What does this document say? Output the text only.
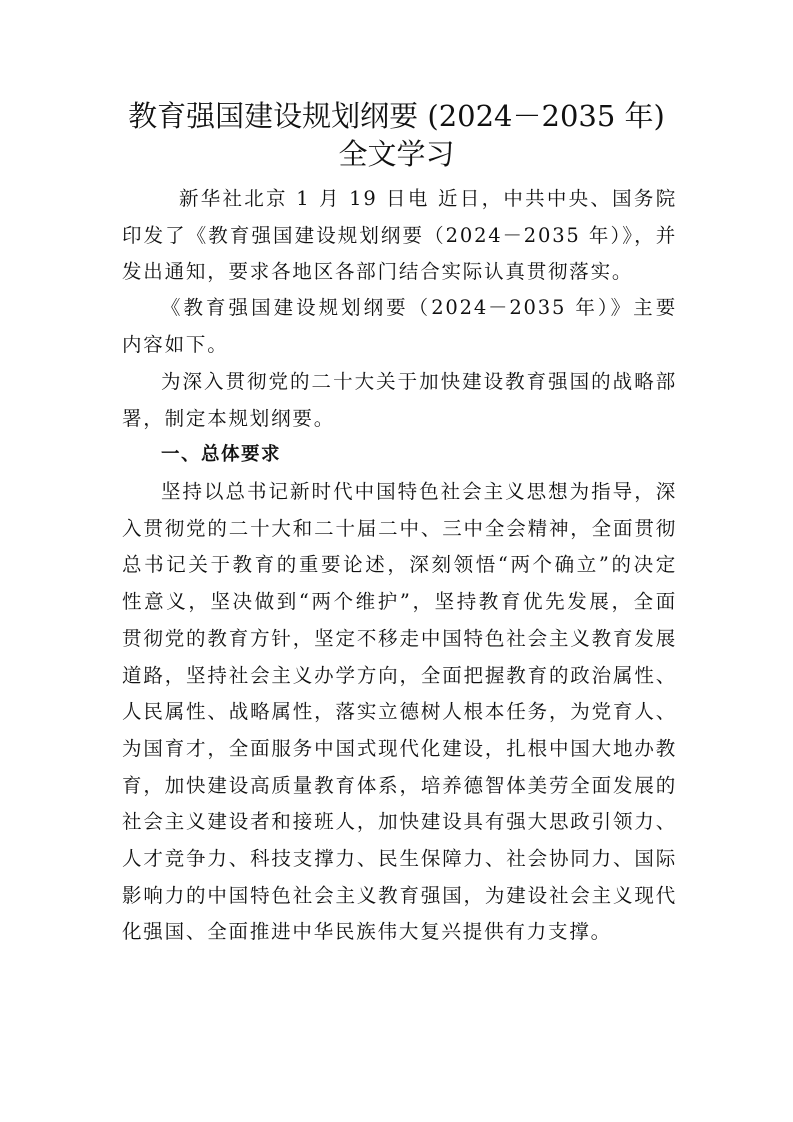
教育强国建设规划纲要 (2024－2035 年)
全文学习

新华社北京 1 月 19 日电 近日，中共中央、国务院印发了《教育强国建设规划纲要（2024－2035 年）》，并发出通知，要求各地区各部门结合实际认真贯彻落实。

《教育强国建设规划纲要（2024－2035 年）》主要内容如下。

为深入贯彻党的二十大关于加快建设教育强国的战略部署，制定本规划纲要。

一、总体要求

坚持以总书记新时代中国特色社会主义思想为指导，深入贯彻党的二十大和二十届二中、三中全会精神，全面贯彻总书记关于教育的重要论述，深刻领悟“两个确立”的决定性意义，坚决做到“两个维护”，坚持教育优先发展，全面贯彻党的教育方针，坚定不移走中国特色社会主义教育发展道路，坚持社会主义办学方向，全面把握教育的政治属性、人民属性、战略属性，落实立德树人根本任务，为党育人、为国育才，全面服务中国式现代化建设，扎根中国大地办教育，加快建设高质量教育体系，培养德智体美劳全面发展的社会主义建设者和接班人，加快建设具有强大思政引领力、人才竞争力、科技支撑力、民生保障力、社会协同力、国际影响力的中国特色社会主义教育强国，为建设社会主义现代化强国、全面推进中华民族伟大复兴提供有力支撑。
